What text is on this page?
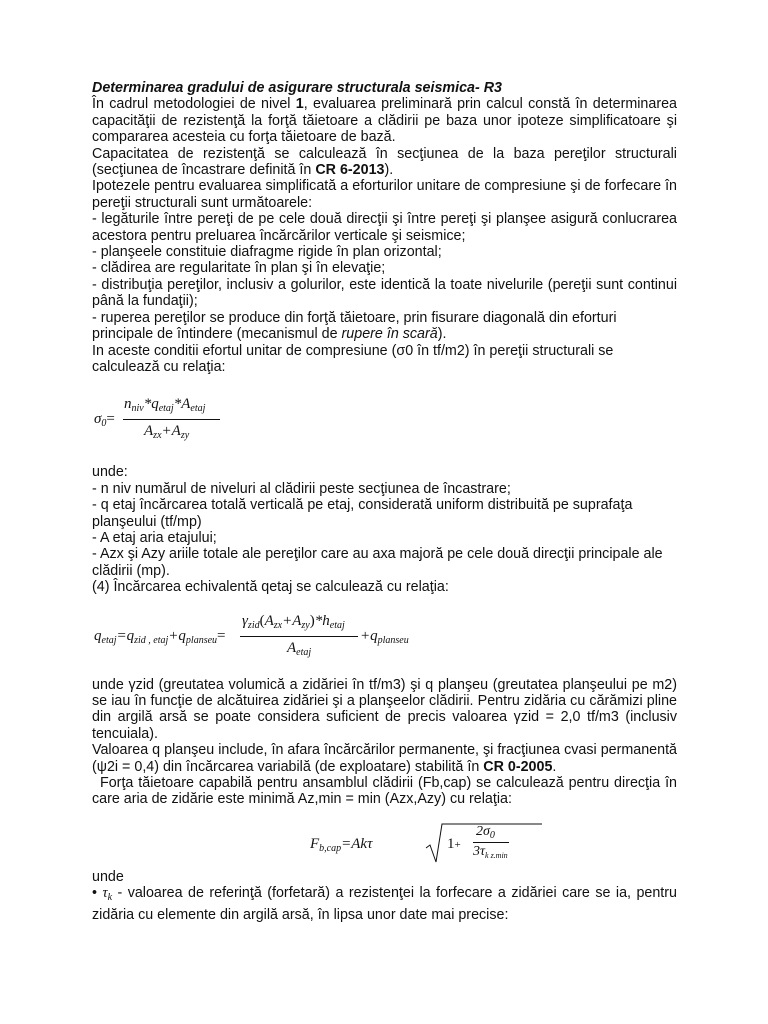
Determinarea gradului de asigurare structurala seismica- R3

În cadrul metodologiei de nivel 1, evaluarea preliminară prin calcul constă în determinarea capacităţii de rezistenţă la forţă tăietoare a clădirii pe baza unor ipoteze simplificatoare şi compararea acesteia cu forţa tăietoare de bază.

Capacitatea de rezistenţă se calculează în secţiunea de la baza pereţilor structurali (secţiunea de încastrare definită în CR 6-2013).

Ipotezele pentru evaluarea simplificată a eforturilor unitare de compresiune şi de forfecare în pereţii structurali sunt următoarele:

- legăturile între pereţi de pe cele două direcţii şi între pereţi şi planşee asigură conlucrarea acestora pentru preluarea încărcărilor verticale şi seismice;

- planşeele constituie diafragme rigide în plan orizontal;

- clădirea are regularitate în plan şi în elevaţie;

- distribuţia pereţilor, inclusiv a golurilor, este identică la toate nivelurile (pereţii sunt continui până la fundaţii);

- ruperea pereţilor se produce din forţă tăietoare, prin fisurare diagonală din eforturi principale de întindere (mecanismul de rupere în scară).

In aceste conditii efortul unitar de compresiune (σ0 în tf/m2) în pereţii structurali se calculează cu relaţia:

$\sigma_0=$
$n_{niv}*q_{etaj}*A_{etaj}$
$A_{zx}+A_{zy}$

unde:

- n niv numărul de niveluri al clădirii peste secţiunea de încastrare;

- q etaj încărcarea totală verticală pe etaj, considerată uniform distribuită pe suprafaţa planşeului (tf/mp)

- A etaj aria etajului;

- Azx şi Azy ariile totale ale pereţilor care au axa majoră pe cele două direcţii principale ale clădirii (mp).

(4) Încărcarea echivalentă qetaj se calculează cu relaţia:

$q_{etaj}=q_{zid , etaj}+q_{planseu}=$
$\gamma_{zid}(A_{zx}+A_{zy})*h_{etaj}$
$A_{etaj}$
$+q_{planseu}$

unde γzid (greutatea volumică a zidăriei în tf/m3) şi q planşeu (greutatea planşeului pe m2) se iau în funcţie de alcătuirea zidăriei şi a planşeelor clădirii. Pentru zidăria cu cărămizi pline din argilă arsă se poate considera suficient de precis valoarea γzid = 2,0 tf/m3 (inclusiv tencuiala).

Valoarea q planşeu include, în afara încărcărilor permanente, şi fracţiunea cvasi permanentă (ψ2i = 0,4) din încărcarea variabilă (de exploatare) stabilită în CR 0-2005.

Forţa tăietoare capabilă pentru ansamblul clădirii (Fb,cap) se calculează pentru direcţia în care aria de zidărie este minimă Az,min = min (Azx,Azy) cu relaţia:

$F_{b,cap}=Ak\tau$	1+
$2\sigma_0$
$3\tau_{k z.min}$

unde

• $\tau_k$ - valoarea de referinţă (forfetară) a rezistenţei la forfecare a zidăriei care se ia, pentru zidăria cu elemente din argilă arsă, în lipsa unor date mai precise:
